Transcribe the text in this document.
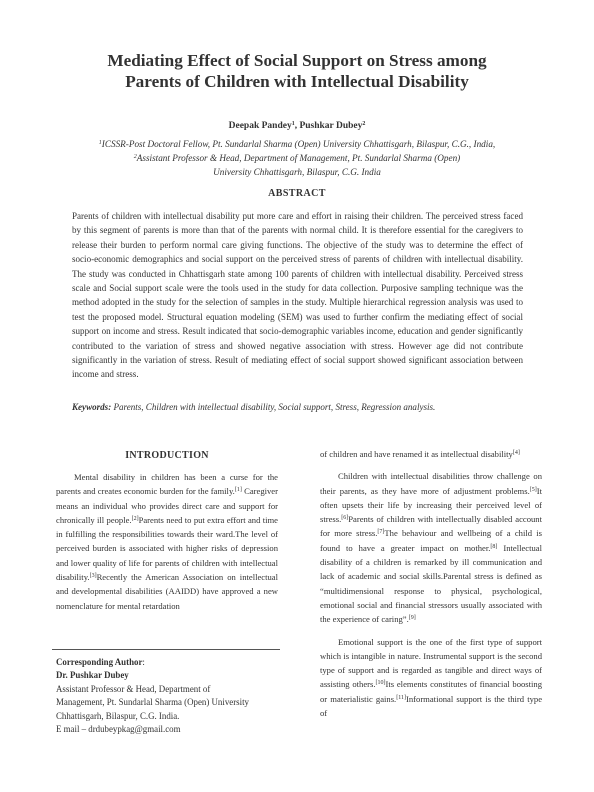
Mediating Effect of Social Support on Stress among
Parents of Children with Intellectual Disability
Deepak Pandey$^1$, Pushkar Dubey$^2$
$^1$ICSSR-Post Doctoral Fellow, Pt. Sundarlal Sharma (Open) University Chhattisgarh, Bilaspur, C.G., India,
$^2$Assistant Professor & Head, Department of Management, Pt. Sundarlal Sharma (Open)
University Chhattisgarh, Bilaspur, C.G. India
ABSTRACT
Parents of children with intellectual disability put more care and effort in raising their children. The perceived stress faced by this segment of parents is more than that of the parents with normal child. It is therefore essential for the caregivers to release their burden to perform normal care giving functions. The objective of the study was to determine the effect of socio-economic demographics and social support on the perceived stress of parents of children with intellectual disability. The study was conducted in Chhattisgarh state among 100 parents of children with intellectual disability. Perceived stress scale and Social support scale were the tools used in the study for data collection. Purposive sampling technique was the method adopted in the study for the selection of samples in the study. Multiple hierarchical regression analysis was used to test the proposed model. Structural equation modeling (SEM) was used to further confirm the mediating effect of social support on income and stress. Result indicated that socio-demographic variables income, education and gender significantly contributed to the variation of stress and showed negative association with stress. However age did not contribute significantly in the variation of stress. Result of mediating effect of social support showed significant association between income and stress.
Keywords: Parents, Children with intellectual disability, Social support, Stress, Regression analysis.
INTRODUCTION

Mental disability in children has been a curse for the parents and creates economic burden for the family.[1] Caregiver means an individual who provides direct care and support for chronically ill people.[2]Parents need to put extra effort and time in fulfilling the responsibilities towards their ward.The level of perceived burden is associated with higher risks of depression and lower quality of life for parents of children with intellectual disability.[3]Recently the American Association on intellectual and developmental disabilities (AAIDD) have approved a new nomenclature for mental retardation

of children and have renamed it as intellectual disability[4]

Children with intellectual disabilities throw challenge on their parents, as they have more of adjustment problems.[5]It often upsets their life by increasing their perceived level of stress.[6]Parents of children with intellectually disabled account for more stress.[7]The behaviour and wellbeing of a child is found to have a greater impact on mother.[8] Intellectual disability of a children is remarked by ill communication and lack of academic and social skills.Parental stress is defined as “multidimensional response to physical, psychological, emotional social and financial stressors usually associated with the experience of caring”.[9]

Emotional support is the one of the first type of support which is intangible in nature. Instrumental support is the second type of support and is regarded as tangible and direct ways of assisting others.[10]Its elements constitutes of financial boosting or materialistic gains.[11]Informational support is the third type of

Corresponding Author:
Dr. Pushkar Dubey
Assistant Professor & Head, Department of
Management, Pt. Sundarlal Sharma (Open) University
Chhattisgarh, Bilaspur, C.G. India.
E mail – drdubeypkag@gmail.com
